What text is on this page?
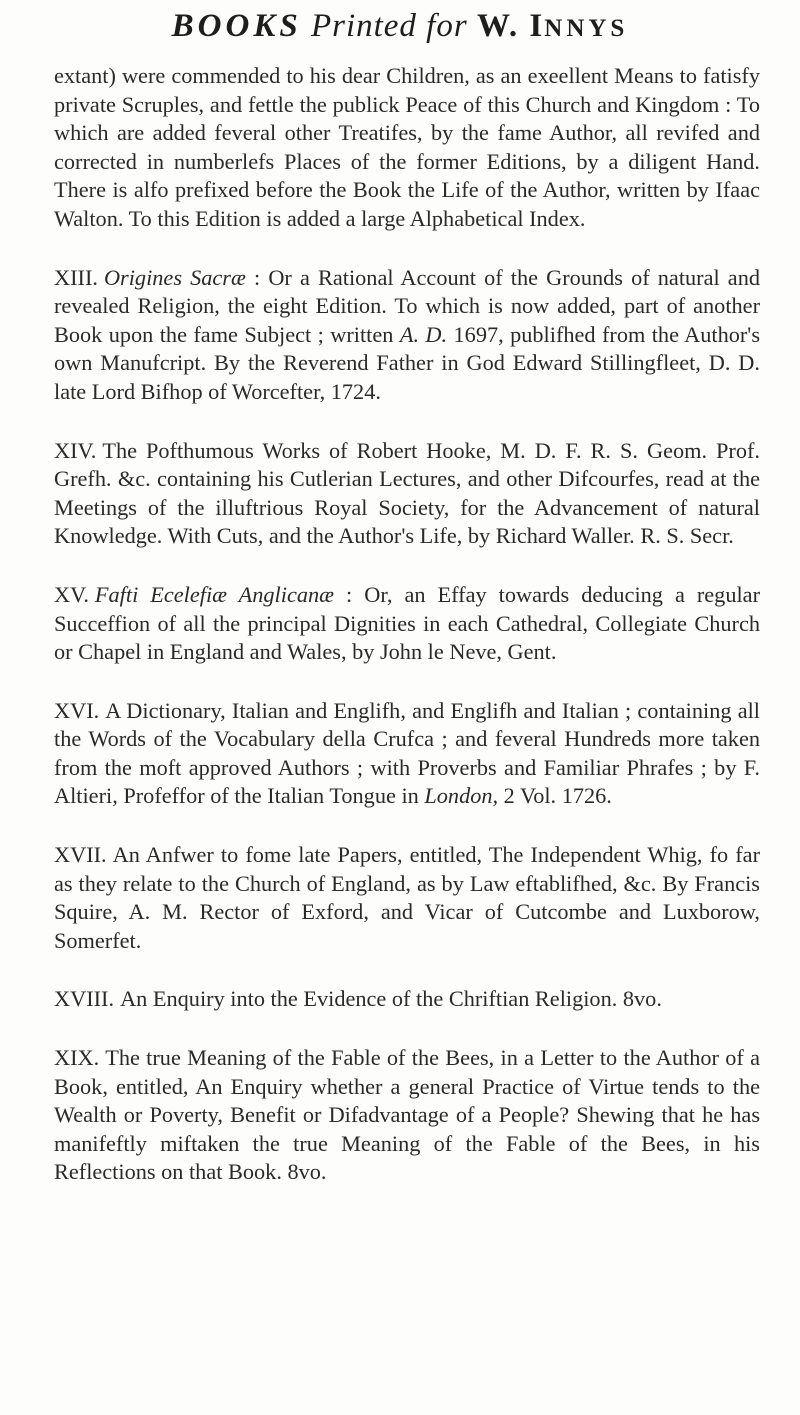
BOOKS Printed for W. INNYS

extant) were commended to his dear Children, as an exeellent Means to fatisfy private Scruples, and fettle the publick Peace of this Church and Kingdom : To which are added feveral other Treatifes, by the fame Author, all revifed and corrected in numberlefs Places of the former Editions, by a diligent Hand. There is alfo prefixed before the Book the Life of the Author, written by Ifaac Walton. To this Edition is added a large Alphabetical Index.

XIII. Origines Sacræ : Or a Rational Account of the Grounds of natural and revealed Religion, the eight Edition. To which is now added, part of another Book upon the fame Subject ; written A. D. 1697, publifhed from the Author's own Manufcript. By the Reverend Father in God Edward Stillingfleet, D. D. late Lord Bifhop of Worcefter, 1724.

XIV. The Pofthumous Works of Robert Hooke, M. D. F. R. S. Geom. Prof. Grefh. &c. containing his Cutlerian Lectures, and other Difcourfes, read at the Meetings of the illuftrious Royal Society, for the Advancement of natural Knowledge. With Cuts, and the Author's Life, by Richard Waller. R. S. Secr.

XV. Fafti Ecelefiæ Anglicanæ : Or, an Effay towards deducing a regular Succeffion of all the principal Dignities in each Cathedral, Collegiate Church or Chapel in England and Wales, by John le Neve, Gent.

XVI. A Dictionary, Italian and Englifh, and Englifh and Italian ; containing all the Words of the Vocabulary della Crufca ; and feveral Hundreds more taken from the moft approved Authors ; with Proverbs and Familiar Phrafes ; by F. Altieri, Profeffor of the Italian Tongue in London, 2 Vol. 1726.

XVII. An Anfwer to fome late Papers, entitled, The Independent Whig, fo far as they relate to the Church of England, as by Law eftablifhed, &c. By Francis Squire, A. M. Rector of Exford, and Vicar of Cutcombe and Luxborow, Somerfet.

XVIII. An Enquiry into the Evidence of the Chriftian Religion. 8vo.

XIX. The true Meaning of the Fable of the Bees, in a Letter to the Author of a Book, entitled, An Enquiry whether a general Practice of Virtue tends to the Wealth or Poverty, Benefit or Difadvantage of a People? Shewing that he has manifeftly miftaken the true Meaning of the Fable of the Bees, in his Reflections on that Book. 8vo.
